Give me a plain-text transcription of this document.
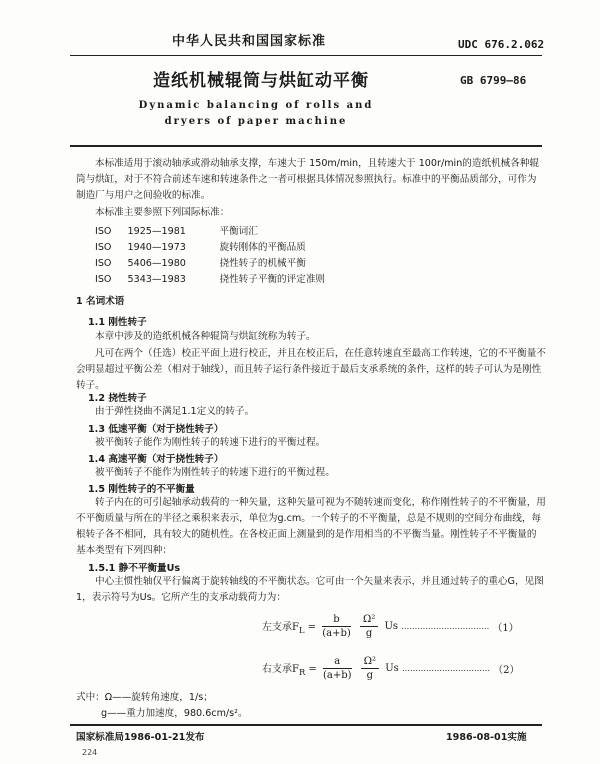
中华人民共和国国家标准	UDC 676.2.062
造纸机械辊筒与烘缸动平衡	GB 6799—86
Dynamic balancing of rolls and
dryers of paper machine
本标准适用于滚动轴承或滑动轴承支撑，车速大于 150m/min，且转速大于 100r/min的造纸机械各种辊筒与烘缸，对于不符合前述车速和转速条件之一者可根据具体情况参照执行。标准中的平衡品质部分，可作为制造厂与用户之间验收的标准。
本标准主要参照下列国际标准：
ISO 1925—1981	平衡词汇
ISO 1940—1973	旋转刚体的平衡品质
ISO 5406—1980	挠性转子的机械平衡
ISO 5343—1983	挠性转子平衡的评定准则
1 名词术语
1.1 刚性转子
本章中涉及的造纸机械各种辊筒与烘缸统称为转子。
凡可在两个（任选）校正平面上进行校正，并且在校正后，在任意转速直至最高工作转速，它的不平衡量不会明显超过平衡公差（相对于轴线），而且转子运行条件接近于最后支承系统的条件，这样的转子可认为是刚性转子。
1.2 挠性转子
由于弹性挠曲不满足1.1定义的转子。
1.3 低速平衡（对于挠性转子）
被平衡转子能作为刚性转子的转速下进行的平衡过程。
1.4 高速平衡（对于挠性转子）
被平衡转子不能作为刚性转子的转速下进行的平衡过程。
1.5 刚性转子的不平衡量
转子内在的可引起轴承动载荷的一种矢量，这种矢量可视为不随转速而变化，称作刚性转子的不平衡量，用不平衡质量与所在的半径之乘积来表示，单位为g.cm。一个转子的不平衡量，总是不规则的空间分布曲线，每根转子各不相同，具有较大的随机性。在各校正面上测量到的是作用相当的不平衡当量。刚性转子不平衡量的基本类型有下列四种：
1.5.1 静不平衡量Us
中心主惯性轴仅平行偏离于旋转轴线的不平衡状态。它可由一个矢量来表示，并且通过转子的重心G，见图1，表示符号为Us。它所产生的支承动载荷力为：
左支承$F_L = \frac{b}{(a+b)}$
$\frac{\text{Ω²}}{g}$ Us …………………………… （1）
右支承$F_R = \frac{a}{(a+b)}$
$\frac{\text{Ω²}}{g}$ Us …………………………… （2）
式中：Ω——旋转角速度，1/s；
g——重力加速度，980.6cm/s²。
国家标准局1986-01-21发布	1986-08-01实施
224
